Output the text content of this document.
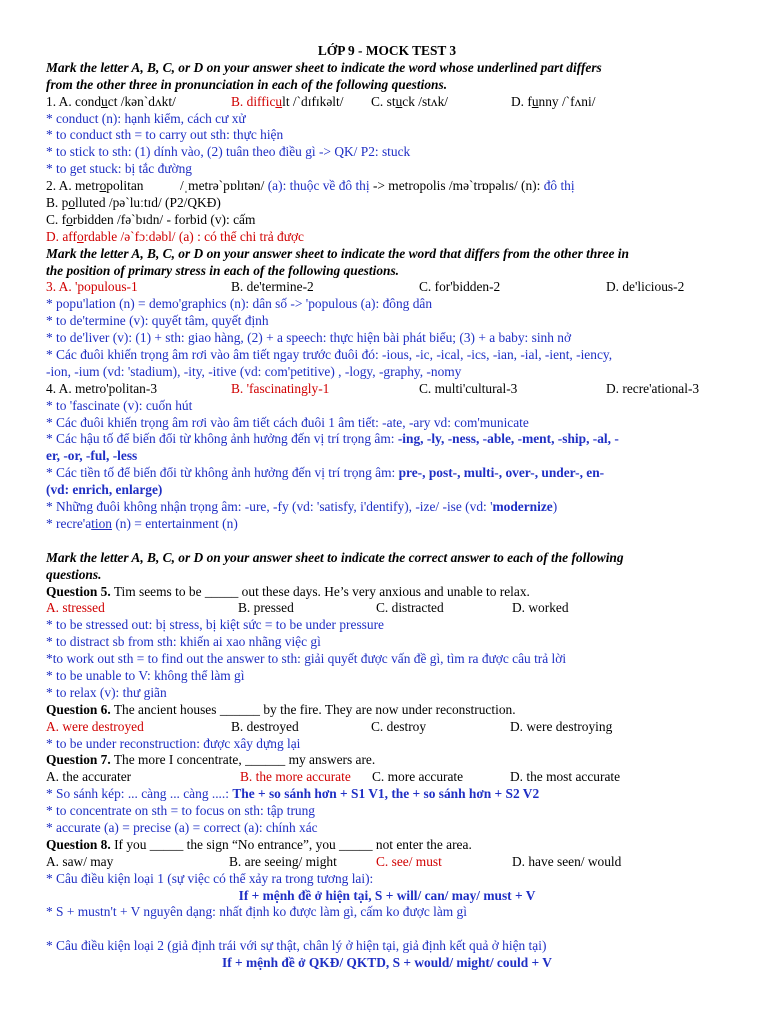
LỚP 9 - MOCK TEST 3
Mark the letter A, B, C, or D on your answer sheet to indicate the word whose underlined part differs
from the other three in pronunciation in each of the following questions.
1. A. conduct /kən`dʌkt/	B. difficult /`dɪfɪkəlt/ C. stuck /stʌk/	D. funny /`fʌni/
* conduct (n): hạnh kiểm, cách cư xử
* to conduct sth = to carry out sth: thực hiện
* to stick to sth: (1) dính vào, (2) tuân theo điều gì -> QK/ P2: stuck
* to get stuck: bị tắc đường
2. A. metropolitan	/ˌmetrə`pɒlɪtən/ (a): thuộc về đô thị -> metropolis /mə`trɒpəlɪs/ (n): đô thị
B. polluted /pə`luːtɪd/ (P2/QKĐ)
C. forbidden /fə`bɪdn/ - forbid (v): cấm
D. affordable /ə`fɔːdəbl/ (a) : có thể chi trả được
Mark the letter A, B, C, or D on your answer sheet to indicate the word that differs from the other three in
the position of primary stress in each of the following questions.
3. A. 'populous-1	B. de'termine-2	C. for'bidden-2	D. de'licious-2
* popu'lation (n) = demo'graphics (n): dân số -> 'populous (a): đông dân
* to de'termine (v): quyết tâm, quyết định
* to de'liver (v): (1) + sth: giao hàng, (2) + a speech: thực hiện bài phát biểu; (3) + a baby: sinh nở
* Các đuôi khiến trọng âm rơi vào âm tiết ngay trước đuôi đó: -ious, -ic, -ical, -ics, -ian, -ial, -ient, -iency,
-ion, -ium (vd: 'stadium), -ity, -itive (vd: com'petitive) , -logy, -graphy, -nomy
4. A. metro'politan-3	B. 'fascinatingly-1	C. multi'cultural-3	D. recre'ational-3
* to 'fascinate (v): cuốn hút
* Các đuôi khiến trọng âm rơi vào âm tiết cách đuôi 1 âm tiết: -ate, -ary vd: com'municate
* Các hậu tố để biến đổi từ không ảnh hưởng đến vị trí trọng âm: -ing, -ly, -ness, -able, -ment, -ship, -al, -
er, -or, -ful, -less
* Các tiền tố để biến đổi từ không ảnh hưởng đến vị trí trọng âm: pre-, post-, multi-, over-, under-, en-
(vd: enrich, enlarge)
* Những đuôi không nhận trọng âm: -ure, -fy (vd: 'satisfy, i'dentify), -ize/ -ise (vd: 'modernize)
* recre'ation (n) = entertainment (n)
Mark the letter A, B, C, or D on your answer sheet to indicate the correct answer to each of the following
questions.
Question 5. Tim seems to be _____ out these days. He’s very anxious and unable to relax.
A. stressed	B. pressed	C. distracted	D. worked
* to be stressed out: bị stress, bị kiệt sức = to be under pressure
* to distract sb from sth: khiến ai xao nhãng việc gì
*to work out sth = to find out the answer to sth: giải quyết được vấn đề gì, tìm ra được câu trả lời
* to be unable to V: không thể làm gì
* to relax (v): thư giãn
Question 6. The ancient houses ______ by the fire. They are now under reconstruction.
A. were destroyed	B. destroyed	C. destroy	D. were destroying
* to be under reconstruction: được xây dựng lại
Question 7. The more I concentrate, ______ my answers are.
A. the accurater	B. the more accurate C. more accurate	D. the most accurate
* So sánh kép: ... càng ... càng ....: The + so sánh hơn + S1 V1, the + so sánh hơn + S2 V2
* to concentrate on sth = to focus on sth: tập trung
* accurate (a) = precise (a) = correct (a): chính xác
Question 8. If you _____ the sign “No entrance”, you _____ not enter the area.
A. saw/ may	B. are seeing/ might	C. see/ must	D. have seen/ would
* Câu điều kiện loại 1 (sự việc có thể xảy ra trong tương lai):
If + mệnh đề ở hiện tại, S + will/ can/ may/ must + V
* S + mustn't + V nguyên dạng: nhất định ko được làm gì, cấm ko được làm gì
* Câu điều kiện loại 2 (giả định trái với sự thật, chân lý ở hiện tại, giả định kết quả ở hiện tại)
If + mệnh đề ở QKĐ/ QKTD, S + would/ might/ could + V
